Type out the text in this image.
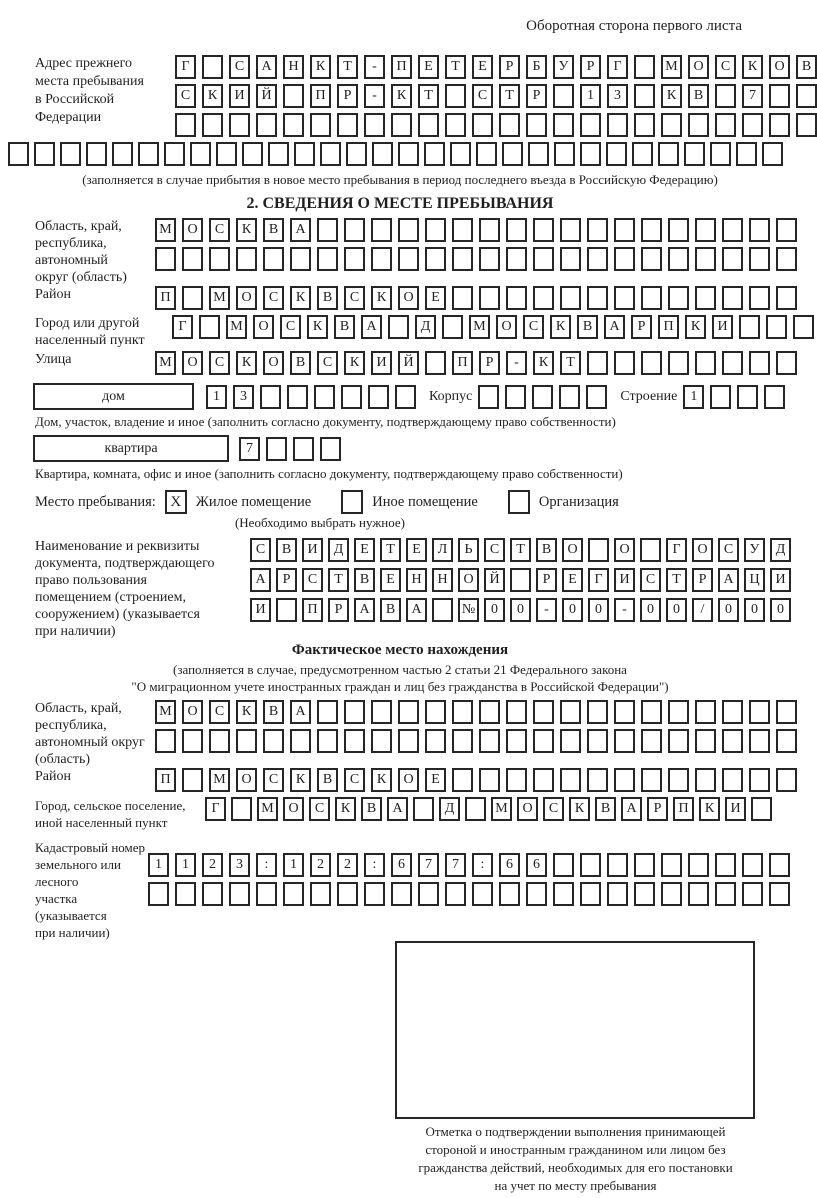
Оборотная сторона первого листа
Адрес прежнего
места пребывания
в Российской
Федерации
Г	С	А	Н	К	Т	-	П	Е	Т	Е	Р	Б	У	Р	Г	М	О	С	К	О	В
С	К	И	Й	П	Р	-	К	Т	С	Т	Р	1	3	К	В	7
(заполняется в случае прибытия в новое место пребывания в период последнего въезда в Российскую Федерацию)
2. СВЕДЕНИЯ О МЕСТЕ ПРЕБЫВАНИЯ
Область, край,
республика,
автономный
округ (область)
М	О	С	К	В	А
Район	П	М	О	С	К	В	С	К	О	Е
Город или другой
населенный пункт
Г	М	О	С	К	В	А	Д	М	О	С	К	В	А	Р	П	К	И
Улица	М	О	С	К	О	В	С	К	И	Й	П	Р	-	К	Т
дом	1	3	Корпус	Строение 1
Дом, участок, владение и иное (заполнить согласно документу, подтверждающему право собственности)
квартира	7
Квартира, комната, офис и иное (заполнить согласно документу, подтверждающему право собственности)
Место пребывания: X	Жилое помещение	Иное помещение	Организация
(Необходимо выбрать нужное)
Наименование и реквизиты
документа, подтверждающего
право пользования
помещением (строением,
сооружением) (указывается
при наличии)
С	В	И	Д	Е	Т	Е	Л	Ь	С	Т	В	О	О	Г	О	С	У	Д
А	Р	С	Т	В	Е	Н	Н	О	Й	Р	Е	Г	И	С	Т	Р	А	Ц	И
И	П	Р	А	В	А	№	0	0	-	0	0	-	0	0	/	0	0	0
Фактическое место нахождения
(заполняется в случае, предусмотренном частью 2 статьи 21 Федерального закона
"О миграционном учете иностранных граждан и лиц без гражданства в Российской Федерации")
Область, край,
республика,
автономный округ
(область)
М	О	С	К	В	А
Район	П	М	О	С	К	В	С	К	О	Е
Город, сельское поселение,
иной населенный пункт
Г	М	О	С	К	В	А	Д	М	О	С	К	В	А	Р	П	К	И
Кадастровый номер
земельного или лесного
участка (указывается
при наличии)
1	1	2	3	:	1	2	2	:	6	7	7	:	6	6
Отметка о подтверждении выполнения принимающей
стороной и иностранным гражданином или лицом без
гражданства действий, необходимых для его постановки
на учет по месту пребывания
